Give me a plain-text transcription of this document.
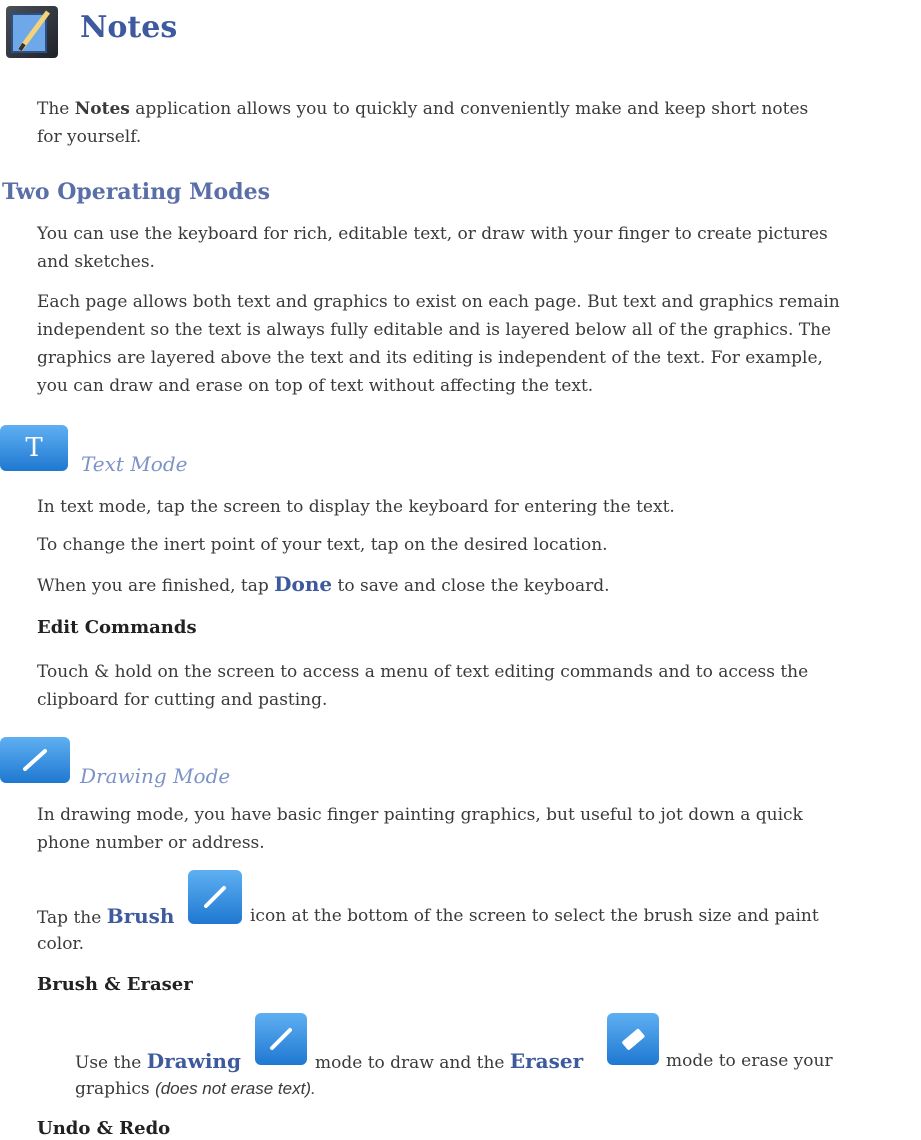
Notes
The Notes application allows you to quickly and conveniently make and keep short notes
for yourself.
Two Operating Modes
You can use the keyboard for rich, editable text, or draw with your finger to create pictures
and sketches.
Each page allows both text and graphics to exist on each page. But text and graphics remain
independent so the text is always fully editable and is layered below all of the graphics. The
graphics are layered above the text and its editing is independent of the text. For example,
you can draw and erase on top of text without affecting the text.
T
Text Mode
In text mode, tap the screen to display the keyboard for entering the text.
To change the inert point of your text, tap on the desired location.
When you are finished, tap Done to save and close the keyboard.
Edit Commands
Touch & hold on the screen to access a menu of text editing commands and to access the
clipboard for cutting and pasting.
Drawing Mode
In drawing mode, you have basic finger painting graphics, but useful to jot down a quick
phone number or address.
Tap the Brush	icon at the bottom of the screen to select the brush size and paint
color.
Brush & Eraser
Use the Drawing	mode to draw and the Eraser	mode to erase your
graphics (does not erase text).
Undo & Redo
